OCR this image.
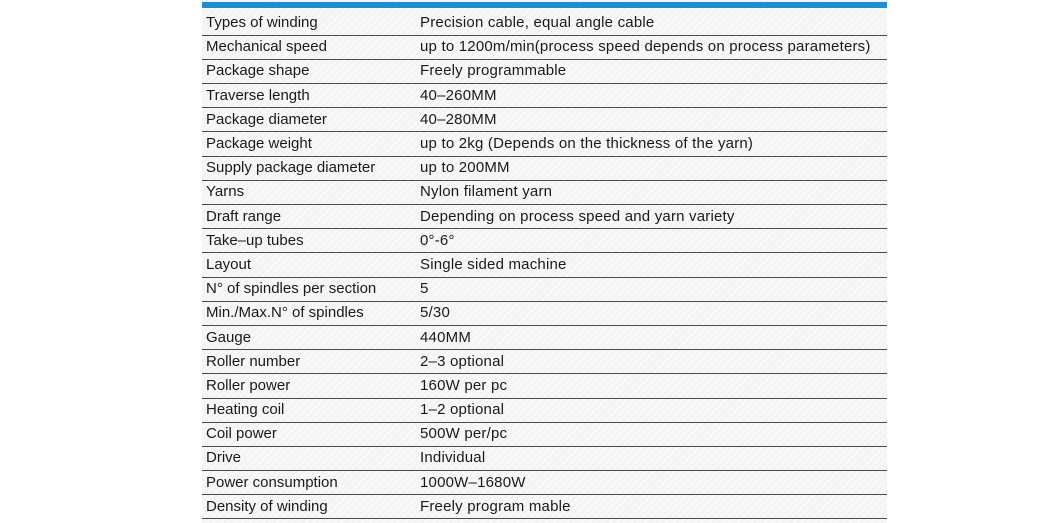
Types of winding	Precision cable, equal angle cable
Mechanical speed	up to 1200m/min(process speed depends on process parameters)
Package shape	Freely programmable
Traverse length	40–260MM
Package diameter	40–280MM
Package weight	up to 2kg (Depends on the thickness of the yarn)
Supply package diameter	up to 200MM
Yarns	Nylon filament yarn
Draft range	Depending on process speed and yarn variety
Take–up tubes	0°-6°
Layout	Single sided machine
N° of spindles per section	5
Min./Max.N° of spindles	5/30
Gauge	440MM
Roller number	2–3 optional
Roller power	160W per pc
Heating coil	1–2 optional
Coil power	500W per/pc
Drive	Individual
Power consumption	1000W–1680W
Density of winding	Freely program mable
